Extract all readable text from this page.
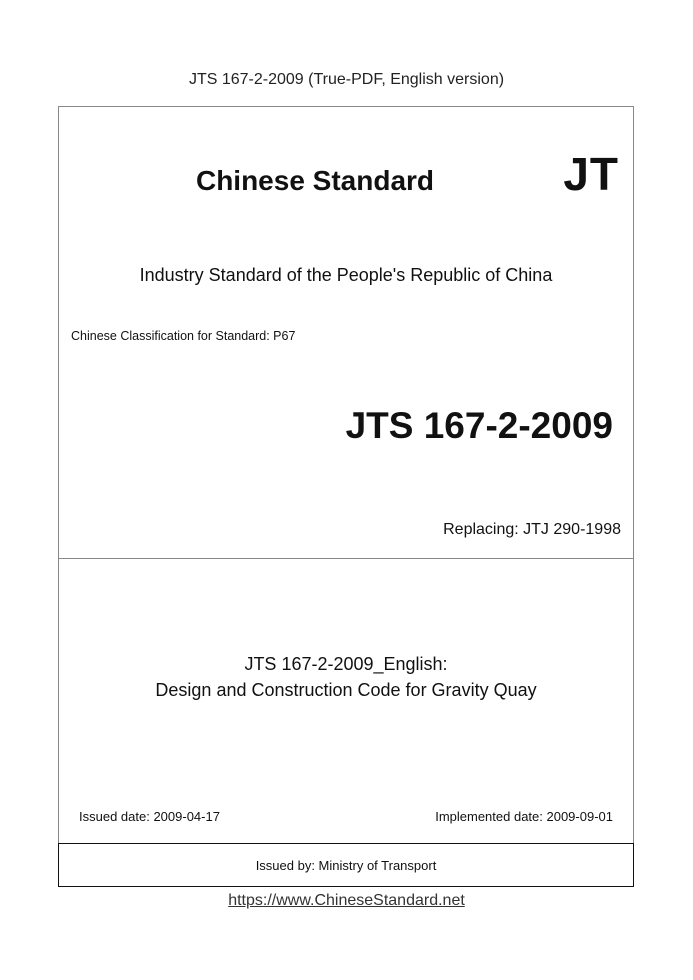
JTS 167-2-2009 (True-PDF, English version)
Chinese Standard	JT
Industry Standard of the People's Republic of China
Chinese Classification for Standard: P67
JTS 167-2-2009
Replacing: JTJ 290-1998
JTS 167-2-2009_English:
Design and Construction Code for Gravity Quay
Issued date: 2009-04-17	Implemented date: 2009-09-01
Issued by: Ministry of Transport
https://www.ChineseStandard.net
